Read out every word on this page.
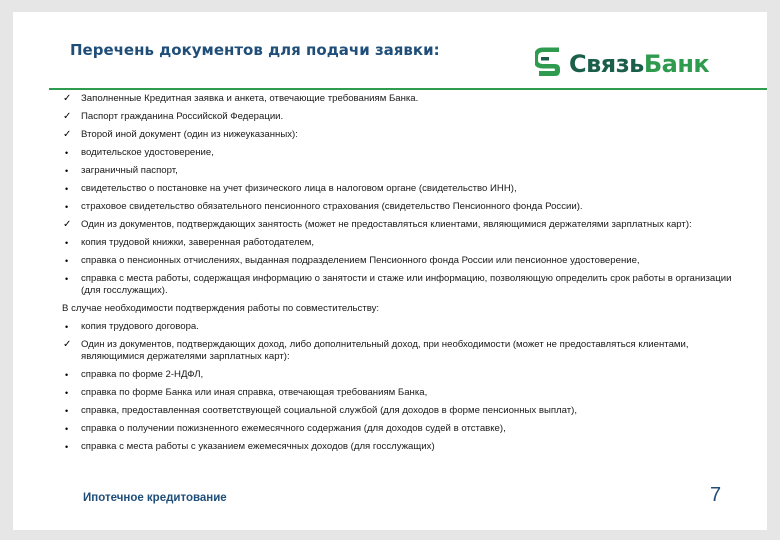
Перечень документов для подачи заявки:	СвязьБанк
✓	Заполненные Кредитная заявка и анкета, отвечающие требованиям Банка.
✓	Паспорт гражданина Российской Федерации.
✓	Второй иной документ (один из нижеуказанных):
•	водительское удостоверение,
•	заграничный паспорт,
•	свидетельство о постановке на учет физического лица в налоговом органе (свидетельство ИНН),
•	страховое свидетельство обязательного пенсионного страхования (свидетельство Пенсионного фонда России).
✓	Один из документов, подтверждающих занятость (может не предоставляться клиентами, являющимися держателями зарплатных карт):
•	копия трудовой книжки, заверенная работодателем,
•	справка о пенсионных отчислениях, выданная подразделением Пенсионного фонда России или пенсионное удостоверение,
•	справка с места работы, содержащая информацию о занятости и стаже или информацию, позволяющую определить срок работы в организации (для госслужащих).
В случае необходимости подтверждения работы по совместительству:
•	копия трудового договора.
✓	Один из документов, подтверждающих доход, либо дополнительный доход, при необходимости (может не предоставляться клиентами, являющимися держателями зарплатных карт):
•	справка по форме 2-НДФЛ,
•	справка по форме Банка или иная справка, отвечающая требованиям Банка,
•	справка, предоставленная соответствующей социальной службой (для доходов в форме пенсионных выплат),
•	справка о получении пожизненного ежемесячного содержания (для доходов судей в отставке),
•	справка с места работы с указанием ежемесячных доходов (для госслужащих)
Ипотечное кредитование	7
